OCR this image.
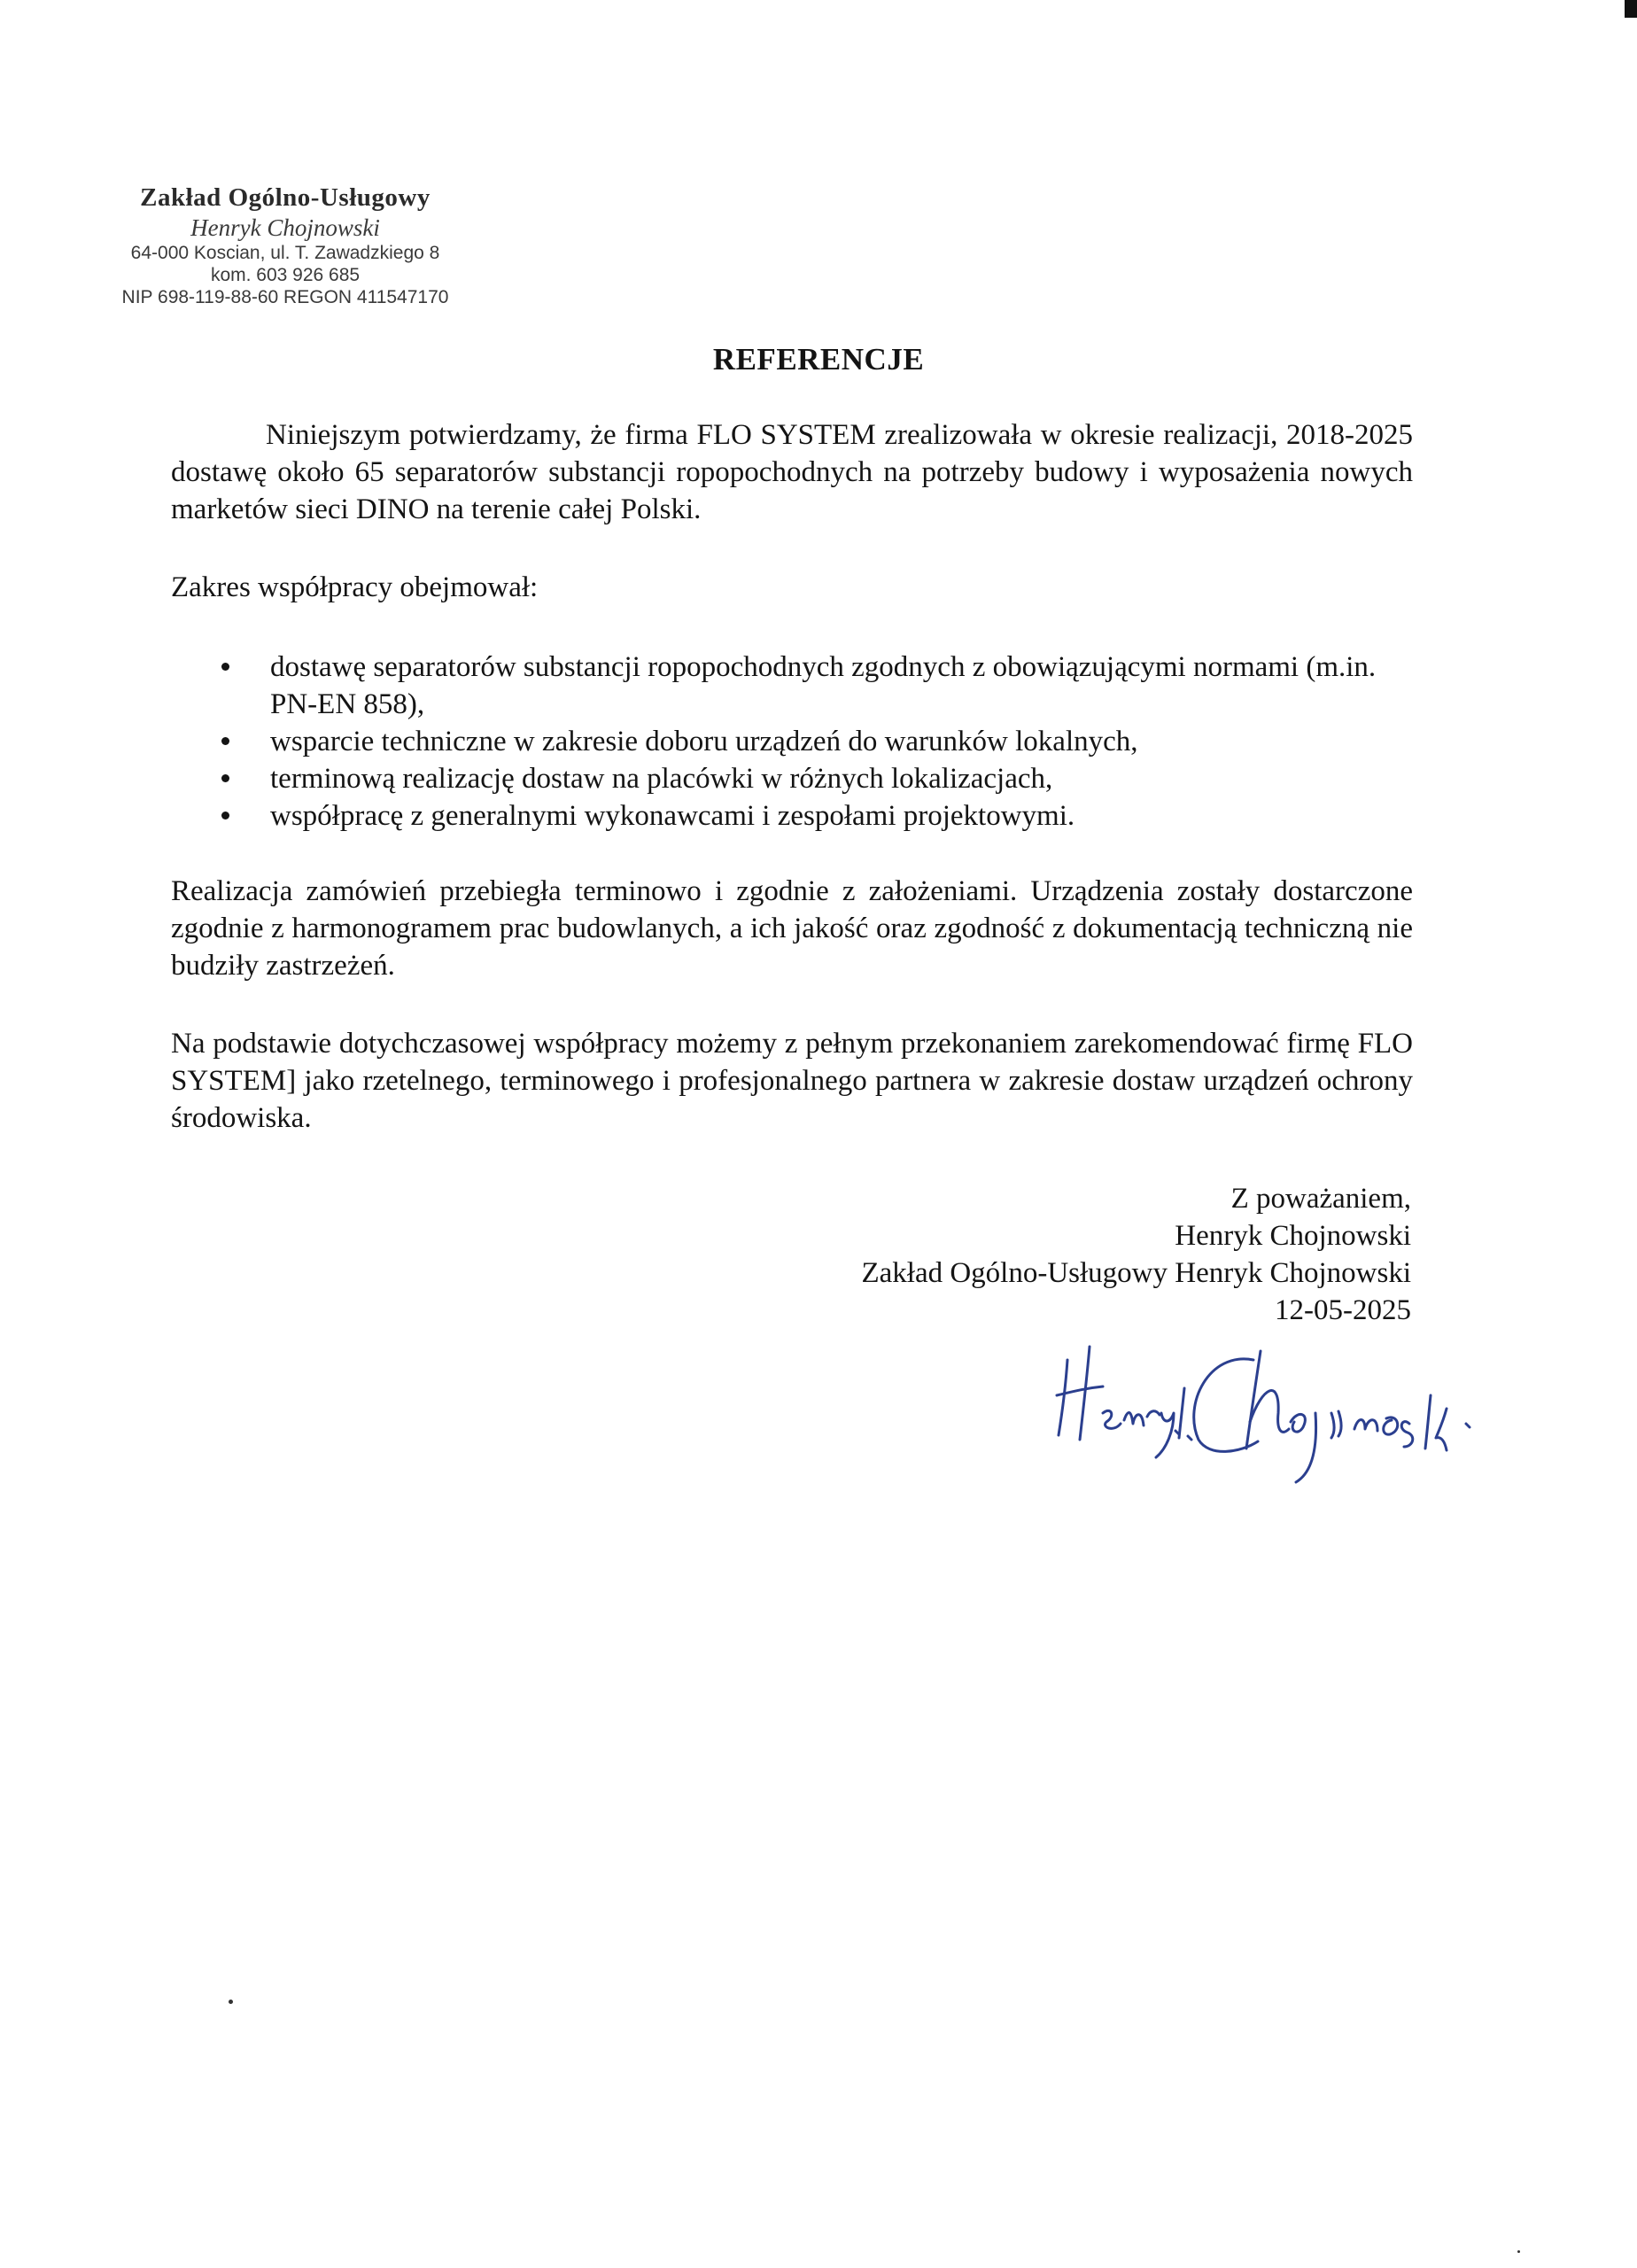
Zakład Ogólno-Usługowy
Henryk Chojnowski
64-000 Koscian, ul. T. Zawadzkiego 8
kom. 603 926 685
NIP 698-119-88-60 REGON 411547170
REFERENCJE
Niniejszym potwierdzamy, że firma FLO SYSTEM zrealizowała w okresie realizacji, 2018-2025 dostawę około 65 separatorów substancji ropopochodnych na potrzeby budowy i wyposażenia nowych marketów sieci DINO na terenie całej Polski.
Zakres współpracy obejmował:
dostawę separatorów substancji ropopochodnych zgodnych z obowiązującymi normami (m.in. PN-EN 858),
wsparcie techniczne w zakresie doboru urządzeń do warunków lokalnych,
terminową realizację dostaw na placówki w różnych lokalizacjach,
współpracę z generalnymi wykonawcami i zespołami projektowymi.
Realizacja zamówień przebiegła terminowo i zgodnie z założeniami. Urządzenia zostały dostarczone zgodnie z harmonogramem prac budowlanych, a ich jakość oraz zgodność z dokumentacją techniczną nie budziły zastrzeżeń.
Na podstawie dotychczasowej współpracy możemy z pełnym przekonaniem zarekomendować firmę FLO SYSTEM] jako rzetelnego, terminowego i profesjonalnego partnera w zakresie dostaw urządzeń ochrony środowiska.
Z poważaniem,
Henryk Chojnowski
Zakład Ogólno-Usługowy Henryk Chojnowski
12-05-2025
